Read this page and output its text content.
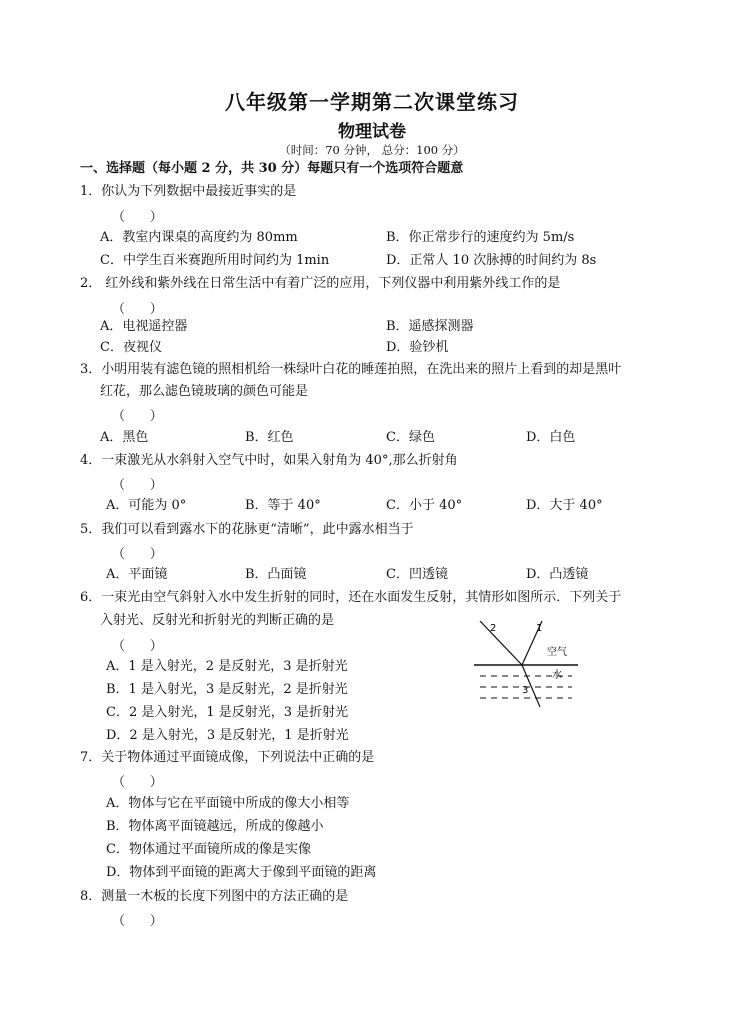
八年级第一学期第二次课堂练习
物理试卷
（时间：70 分钟， 总分：100 分）
一、选择题（每小题 2 分，共 30 分）每题只有一个选项符合题意
1．你认为下列数据中最接近事实的是
（      ）
A．教室内课桌的高度约为 80mm	B．你正常步行的速度约为 5m/s
C．中学生百米赛跑所用时间约为 1min	D．正常人 10 次脉搏的时间约为 8s
2． 红外线和紫外线在日常生活中有着广泛的应用，下列仪器中利用紫外线工作的是
（      ）
A．电视遥控器	B．遥感探测器
C．夜视仪	D．验钞机
3．小明用装有滤色镜的照相机给一株绿叶白花的睡莲拍照，在洗出来的照片上看到的却是黑叶
红花，那么滤色镜玻璃的颜色可能是
（      ）
A．黑色	B．红色	C．绿色	D．白色
4．一束激光从水斜射入空气中时，如果入射角为 40°,那么折射角
（      ）
A．可能为 0°	B．等于 40°	C．小于 40°	D．大于 40°
5．我们可以看到露水下的花脉更“清晰”，此中露水相当于
（      ）
A．平面镜	B．凸面镜	C．凹透镜	D．凸透镜
6．一束光由空气斜射入水中发生折射的同时，还在水面发生反射，其情形如图所示．下列关于
入射光、反射光和折射光的判断正确的是
（      ）
A．1 是入射光，2 是反射光，3 是折射光
B．1 是入射光，3 是反射光，2 是折射光
C．2 是入射光，1 是反射光，3 是折射光
D．2 是入射光，3 是反射光，1 是折射光
2	1
3
空气
水
7．关于物体通过平面镜成像，下列说法中正确的是
（      ）
A．物体与它在平面镜中所成的像大小相等
B．物体离平面镜越远，所成的像越小
C．物体通过平面镜所成的像是实像
D．物体到平面镜的距离大于像到平面镜的距离
8．测量一木板的长度下列图中的方法正确的是
（      ）
